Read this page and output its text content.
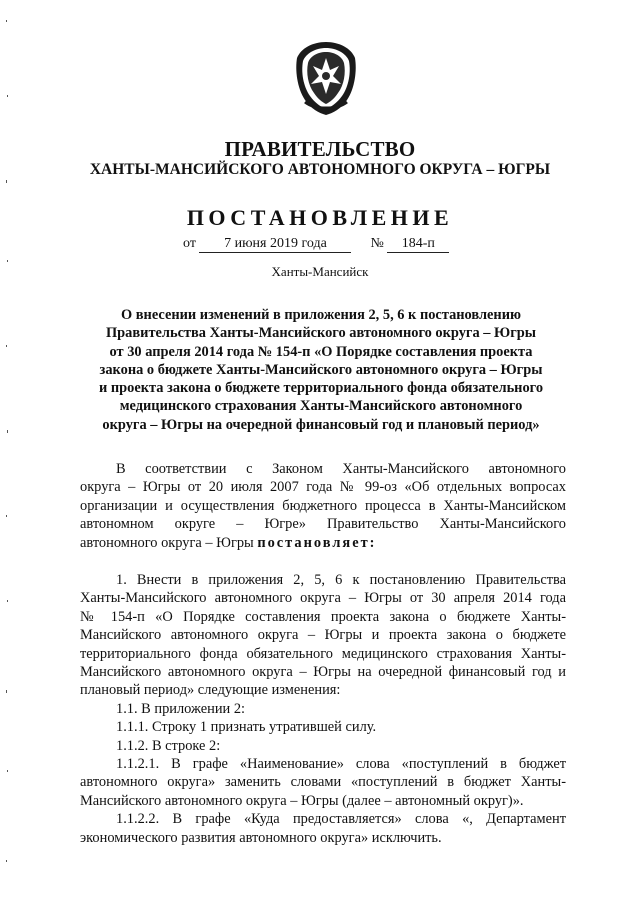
ПРАВИТЕЛЬСТВО
ХАНТЫ-МАНСИЙСКОГО АВТОНОМНОГО ОКРУГА – ЮГРЫ
ПОСТАНОВЛЕНИЕ
от 7 июня 2019 года	№ 184-п
Ханты-Мансийск
О внесении изменений в приложения 2, 5, 6 к постановлению
Правительства Ханты-Мансийского автономного округа – Югры
от 30 апреля 2014 года № 154-п «О Порядке составления проекта
закона о бюджете Ханты-Мансийского автономного округа – Югры
и проекта закона о бюджете территориального фонда обязательного
медицинского страхования Ханты-Мансийского автономного
округа – Югры на очередной финансовый год и плановый период»
В соответствии с Законом Ханты-Мансийского автономного
округа – Югры от 20 июля 2007 года № 99-оз «Об отдельных вопросах
организации и осуществления бюджетного процесса в Ханты-Мансийском
автономном округе – Югре» Правительство Ханты-Мансийского
автономного округа – Югры постановляет:
1. Внести в приложения 2, 5, 6 к постановлению Правительства
Ханты-Мансийского автономного округа – Югры от 30 апреля 2014 года
№ 154-п «О Порядке составления проекта закона о бюджете Ханты-
Мансийского автономного округа – Югры и проекта закона о бюджете
территориального фонда обязательного медицинского страхования Ханты-
Мансийского автономного округа – Югры на очередной финансовый год и
плановый период» следующие изменения:
1.1. В приложении 2:
1.1.1. Строку 1 признать утратившей силу.
1.1.2. В строке 2:
1.1.2.1. В графе «Наименование» слова «поступлений в бюджет
автономного округа» заменить словами «поступлений в бюджет Ханты-
Мансийского автономного округа – Югры (далее – автономный округ)».
1.1.2.2. В графе «Куда предоставляется» слова «, Департамент
экономического развития автономного округа» исключить.
